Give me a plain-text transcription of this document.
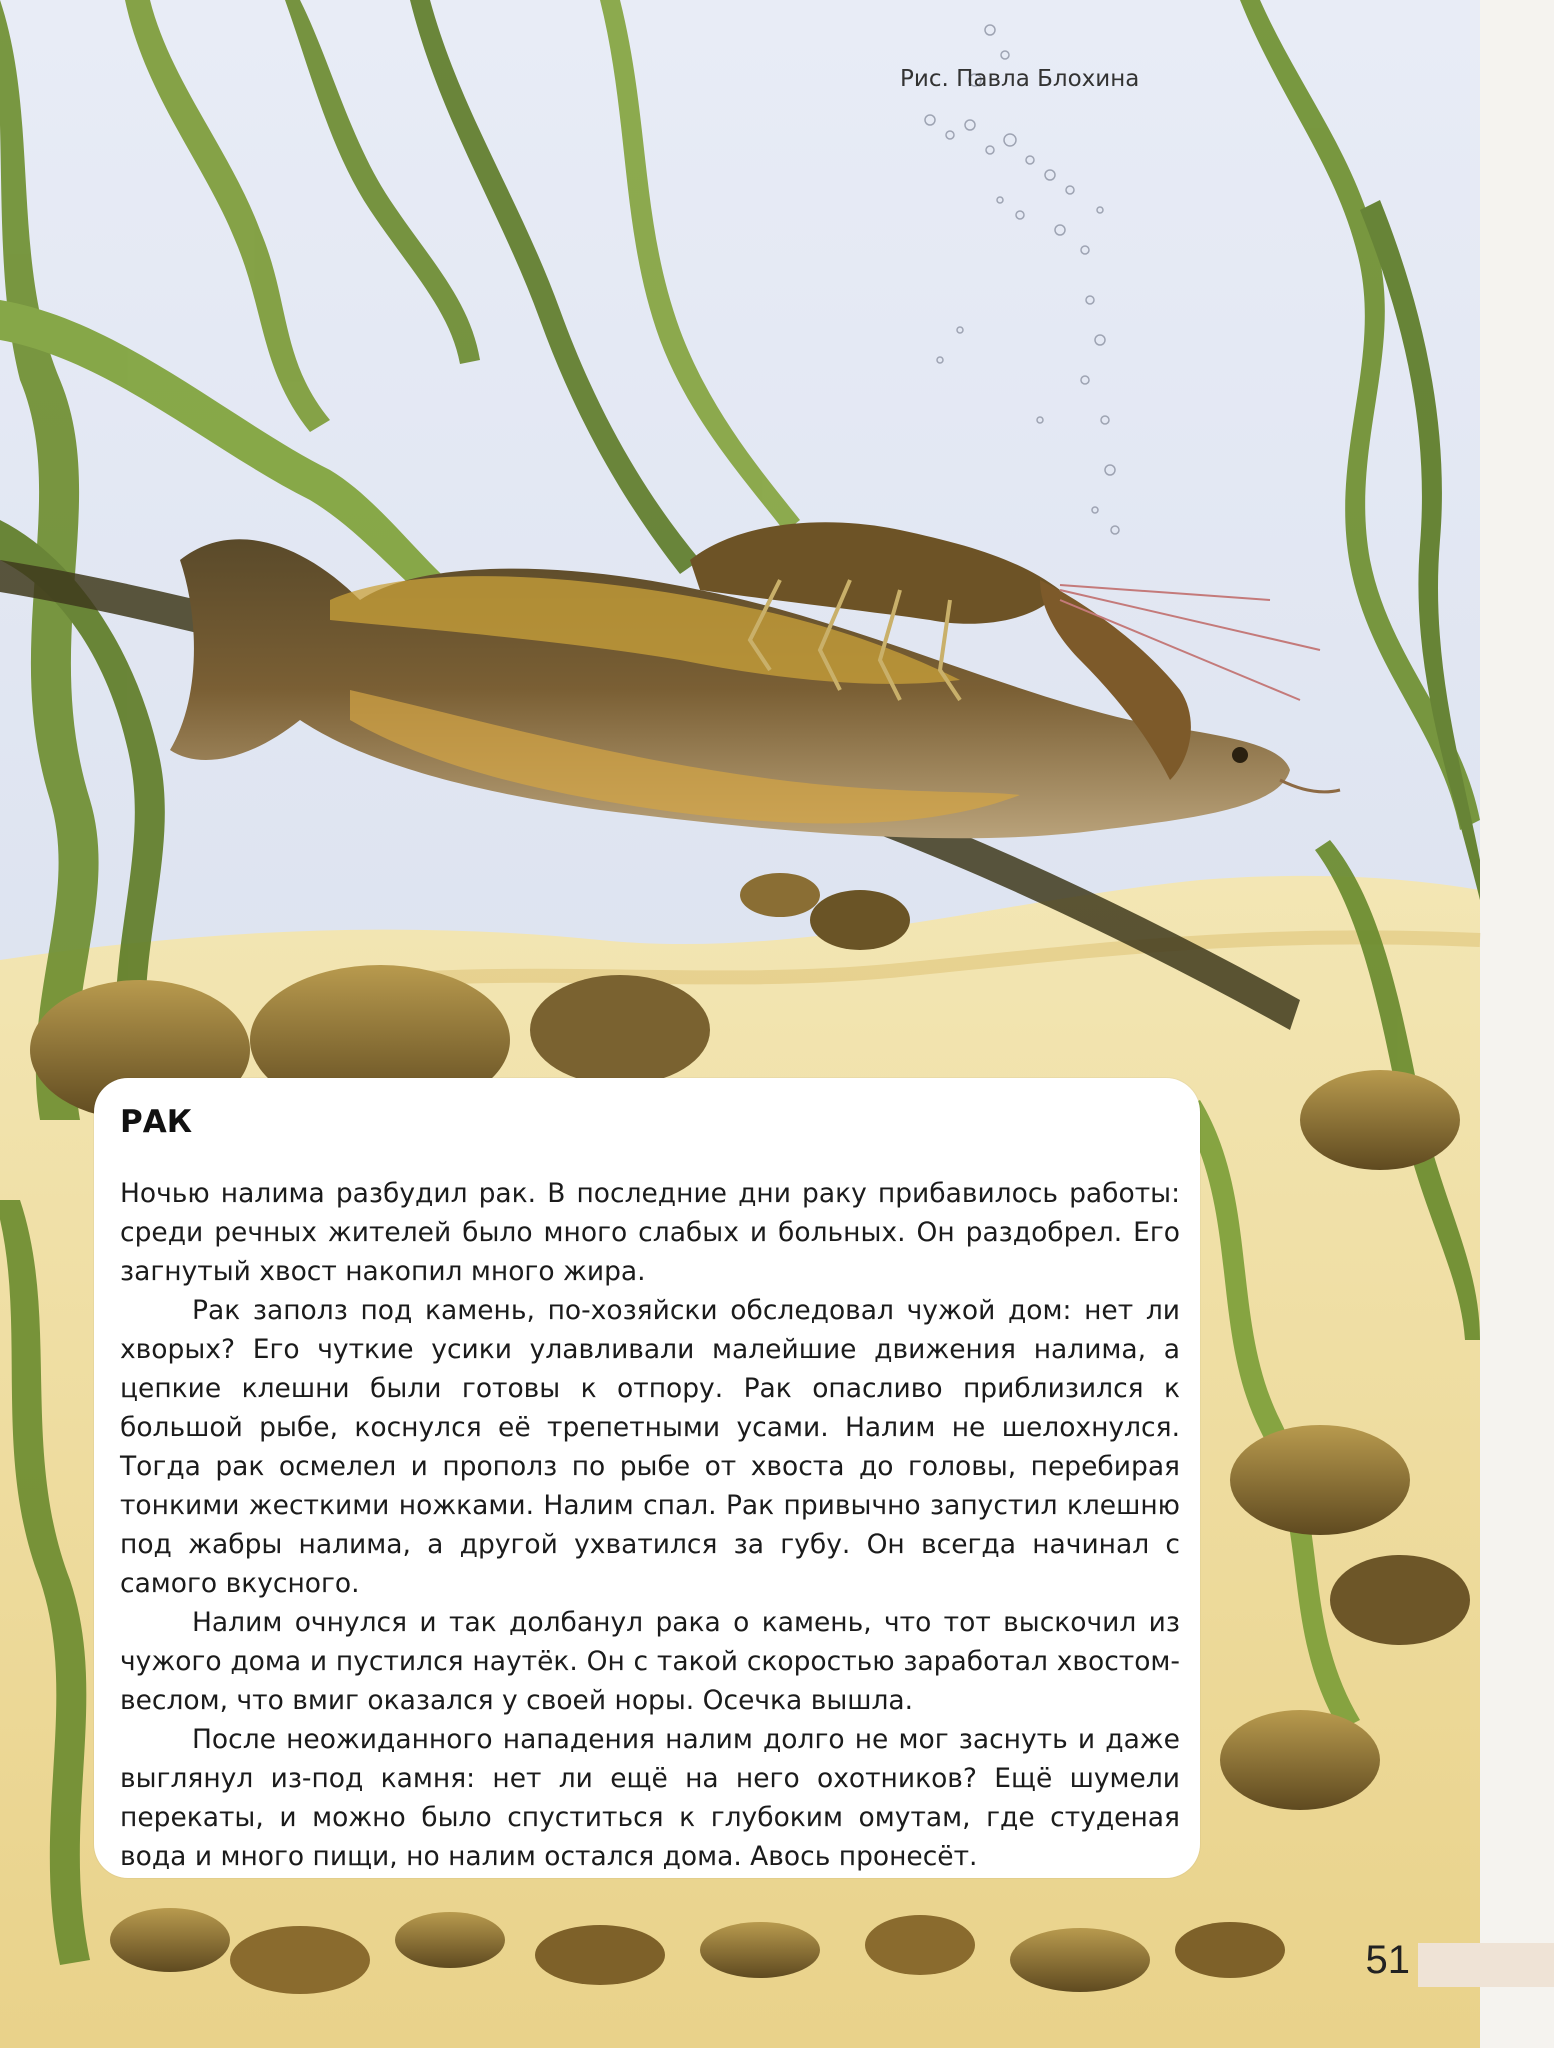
Рис. Павла Блохина
РАК

Ночью налима разбудил рак. В последние дни раку прибавилось работы: среди речных жителей было много слабых и больных. Он раздобрел. Его загнутый хвост накопил много жира.

Рак заполз под камень, по-хозяйски обследовал чужой дом: нет ли хворых? Его чуткие усики улавливали малейшие движения налима, а цепкие клешни были готовы к отпору. Рак опасливо приблизился к большой рыбе, коснулся её трепетными усами. Налим не шелохнулся. Тогда рак осмелел и прополз по рыбе от хвоста до головы, перебирая тонкими жесткими ножками. Налим спал. Рак привычно запустил клешню под жабры налима, а другой ухватился за губу. Он всегда начинал с самого вкусного.

Налим очнулся и так долбанул рака о камень, что тот выскочил из чужого дома и пустился наутёк. Он с такой скоростью заработал хвостом-веслом, что вмиг оказался у своей норы. Осечка вышла.

После неожиданного нападения налим долго не мог заснуть и даже выглянул из-под камня: нет ли ещё на него охотников? Ещё шумели перекаты, и можно было спуститься к глубоким омутам, где студеная вода и много пищи, но налим остался дома. Авось пронесёт.

51
